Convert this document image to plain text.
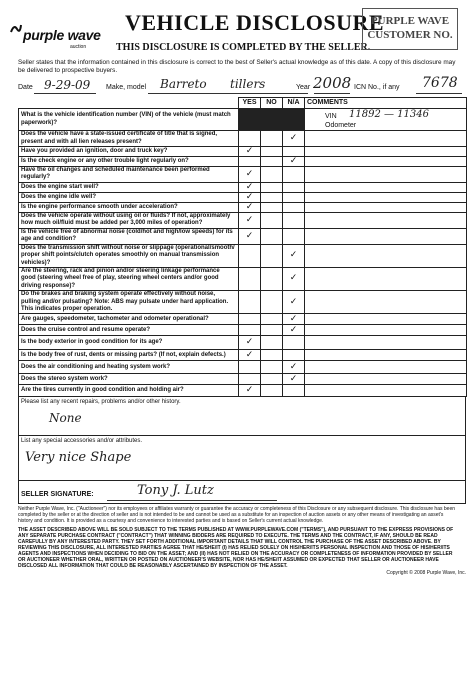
purple wave
auction
VEHICLE DISCLOSURE
THIS DISCLOSURE IS COMPLETED BY THE SELLER.
PURPLE WAVE
CUSTOMER NO.
Seller states that the information contained in this disclosure is correct to the best of Seller's actual knowledge as of this date. A copy of this disclosure may be delivered to prospective buyers.
Date 9-29-09 Make, model Barreto tillers	Year 2008 ICN No., if any 7678
	YES	NO	N/A	COMMENTS
What is the vehicle identification number (VIN) of the vehicle (must match paperwork)?				
Does the vehicle have a state-issued certificate of title that is signed, present and with all lien releases present?			✓	
Have you provided an ignition, door and truck key?	✓			
Is the check engine or any other trouble light regularly on?			✓	
Have the oil changes and scheduled maintenance been performed regularly?	✓			
Does the engine start well?	✓			
Does the engine idle well?	✓			
Is the engine performance smooth under acceleration?	✓			
Does the vehicle operate without using oil or fluids? If not, approximately how much oil/fluid must be added per 3,000 miles of operation?	✓			
Is the vehicle free of abnormal noise (cold/hot and high/low speeds) for its age and condition?	✓			
Does the transmission shift without noise or slippage (operational/smooth/ proper shift points/clutch operates smoothly on manual transmission vehicles)?			✓	
Are the steering, rack and pinion and/or steering linkage performance good (steering wheel free of play, steering wheel centers and/or good driving response)?			✓	
Do the brakes and braking system operate effectively without noise, pulling and/or pulsating? Note: ABS may pulsate under hard application. This indicates proper operation.			✓	
Are gauges, speedometer, tachometer and odometer operational?			✓	
Does the cruise control and resume operate?			✓	
Is the body exterior in good condition for its age?	✓			
Is the body free of rust, dents or missing parts? (If not, explain defects.)	✓			
Does the air conditioning and heating system work?			✓	
Does the stereo system work?			✓	
Are the tires currently in good condition and holding air?	✓			
VIN 11892 — 11346
Odometer
Please list any recent repairs, problems and/or other history.
None
List any special accessories and/or attributes.
Very nice Shape
SELLER SIGNATURE:	Tony J. Lutz
Neither Purple Wave, Inc. ("Auctioneer") nor its employees or affiliates warranty or guarantee the accuracy or completeness of this Disclosure or any subsequent disclosure. This disclosure has been completed by the seller or at the direction of seller and is not intended to be and cannot be used as a substitute for an inspection of auction assets or any other means of investigating an asset's history and condition. It is provided as a courtesy and convenience to interested parties and is based on Seller's current actual knowledge.
THE ASSET DESCRIBED ABOVE WILL BE SOLD SUBJECT TO THE TERMS PUBLISHED AT WWW.PURPLEWAVE.COM ("TERMS"), AND PURSUANT TO THE EXPRESS PROVISIONS OF ANY SEPARATE PURCHASE CONTRACT ("CONTRACT") THAT WINNING BIDDERS ARE REQUIRED TO EXECUTE. THE TERMS AND THE CONTRACT, IF ANY, SHOULD BE READ CAREFULLY BY ANY INTERESTED PARTY. THEY SET FORTH ADDITIONAL IMPORTANT DETAILS THAT WILL CONTROL THE PURCHASE OF THE ASSET DESCRIBED ABOVE. BY REVIEWING THIS DISCLOSURE, ALL INTERESTED PARTIES AGREE THAT HE/SHE/IT (I) HAS RELIED SOLELY ON HIS/HER/ITS PERSONAL INSPECTION AND THOSE OF HIS/HER/ITS AGENTS AND INSPECTIONS WHEN DECIDING TO BID ON THE ASSET; AND (II) HAS NOT RELIED ON THE ACCURACY OR COMPLETENESS OF INFORMATION PROVIDED BY SELLER OR AUCTIONEER WHETHER ORAL, WRITTEN OR POSTED ON AUCTIONEER'S WEBSITE, NOR HAS HE/SHE/IT ASSUMED OR EXPECTED THAT SELLER OR AUCTIONEER HAVE DISCLOSED ALL INFORMATION THAT COULD BE REASONABLY ASCERTAINED BY INSPECTION OF THE ASSET.
Copyright © 2008 Purple Wave, Inc.
